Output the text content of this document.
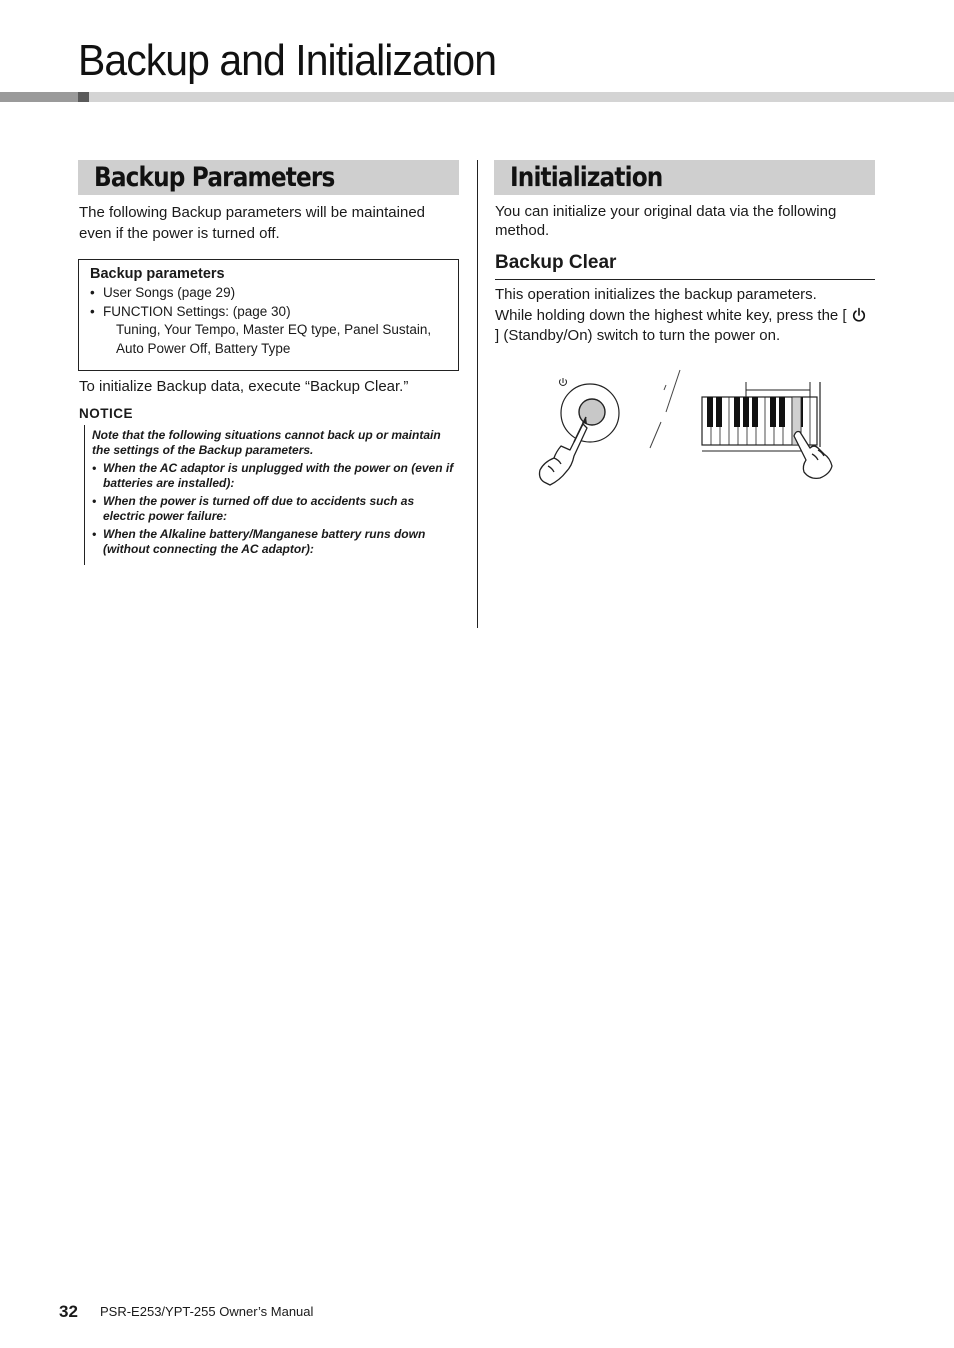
Backup and Initialization
Backup Parameters

The following Backup parameters will be maintained even if the power is turned off.

Backup parameters
• User Songs (page 29)
• FUNCTION Settings: (page 30)
Tuning, Your Tempo, Master EQ type, Panel Sustain,
Auto Power Off, Battery Type

To initialize Backup data, execute “Backup Clear.”

NOTICE

Note that the following situations cannot back up or maintain the settings of the Backup parameters.

• When the AC adaptor is unplugged with the power on (even if batteries are installed):
• When the power is turned off due to accidents such as electric power failure:
• When the Alkaline battery/Manganese battery runs down (without connecting the AC adaptor):
Initialization

You can initialize your original data via the following method.

Backup Clear

This operation initializes the backup parameters.

While holding down the highest white key, press the [  ] (Standby/On) switch to turn the power on.

32 PSR-E253/YPT-255 Owner’s Manual
